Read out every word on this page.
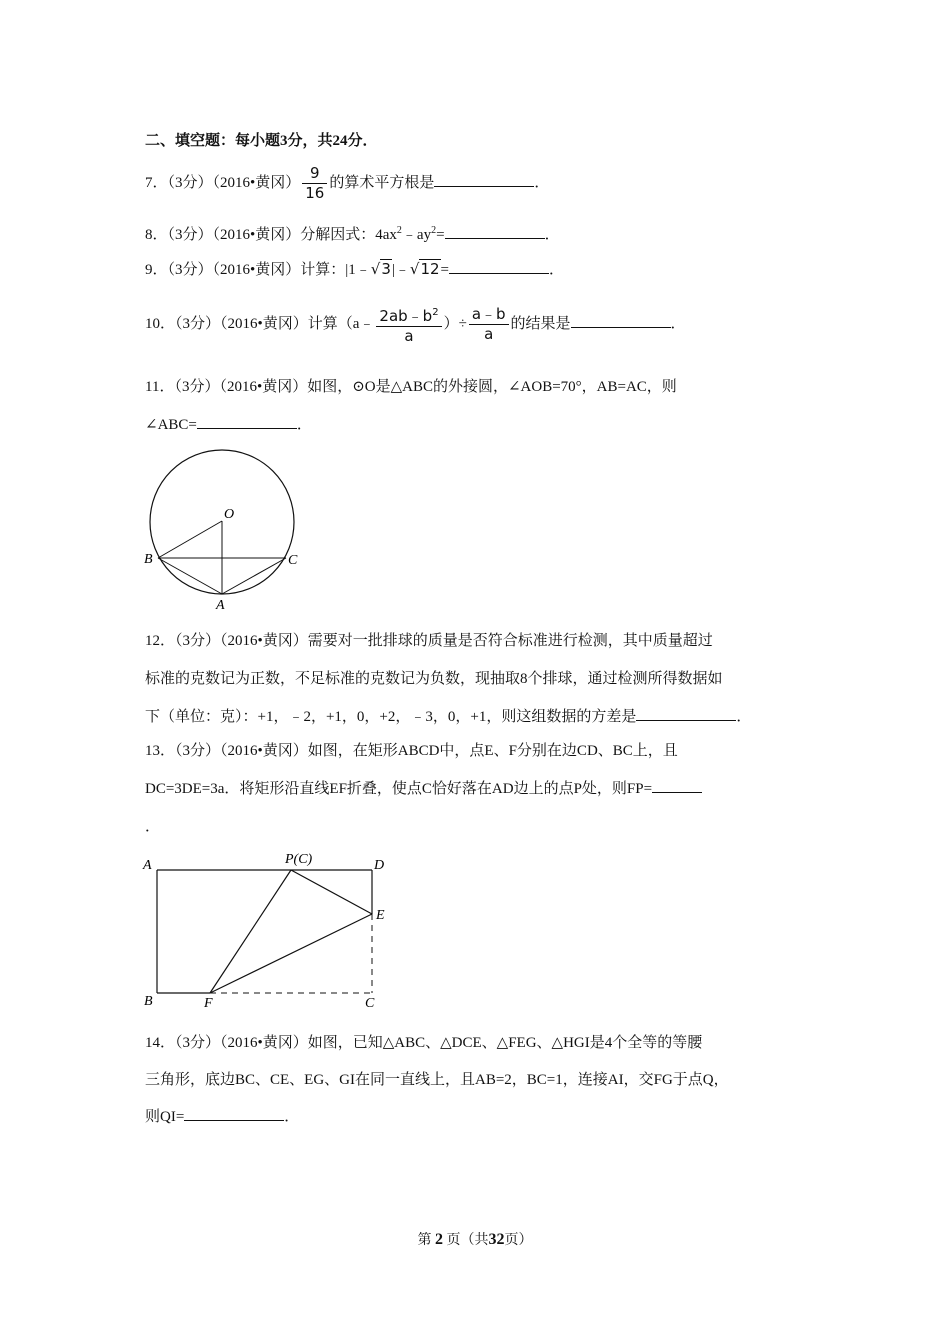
二、填空题：每小题3分，共24分．
7．（3分）（2016•黄冈） $\frac{9}{16}$ 的算术平方根是	．
8．（3分）（2016•黄冈）分解因式：$4ax^2﹣ay^2=$	．
9．（3分）（2016•黄冈）计算：|1﹣√3|﹣√12=	．
10．（3分）（2016•黄冈）计算（a﹣ $\frac{2ab﹣b^2}{a}$ ）÷ $\frac{a﹣b}{a}$ 的结果是	．
11．（3分）（2016•黄冈）如图，⊙O是△ABC的外接圆，∠AOB=70°，AB=AC，则
∠ABC=	．
O
B	C
A
12．（3分）（2016•黄冈）需要对一批排球的质量是否符合标准进行检测，其中质量超过
标准的克数记为正数，不足标准的克数记为负数，现抽取8个排球，通过检测所得数据如
下（单位：克）：+1，﹣2，+1，0，+2，﹣3，0，+1，则这组数据的方差是	．
13．（3分）（2016•黄冈）如图，在矩形ABCD中，点E、F分别在边CD、BC上，且
DC=3DE=3a．将矩形沿直线EF折叠，使点C恰好落在AD边上的点P处，则FP=
．
A	P(C)	D
E
B	F	C
14．（3分）（2016•黄冈）如图，已知△ABC、△DCE、△FEG、△HGI是4个全等的等腰
三角形，底边BC、CE、EG、GI在同一直线上，且AB=2，BC=1，连接AI，交FG于点Q，
则QI=	．
第 2 页（共32页）
